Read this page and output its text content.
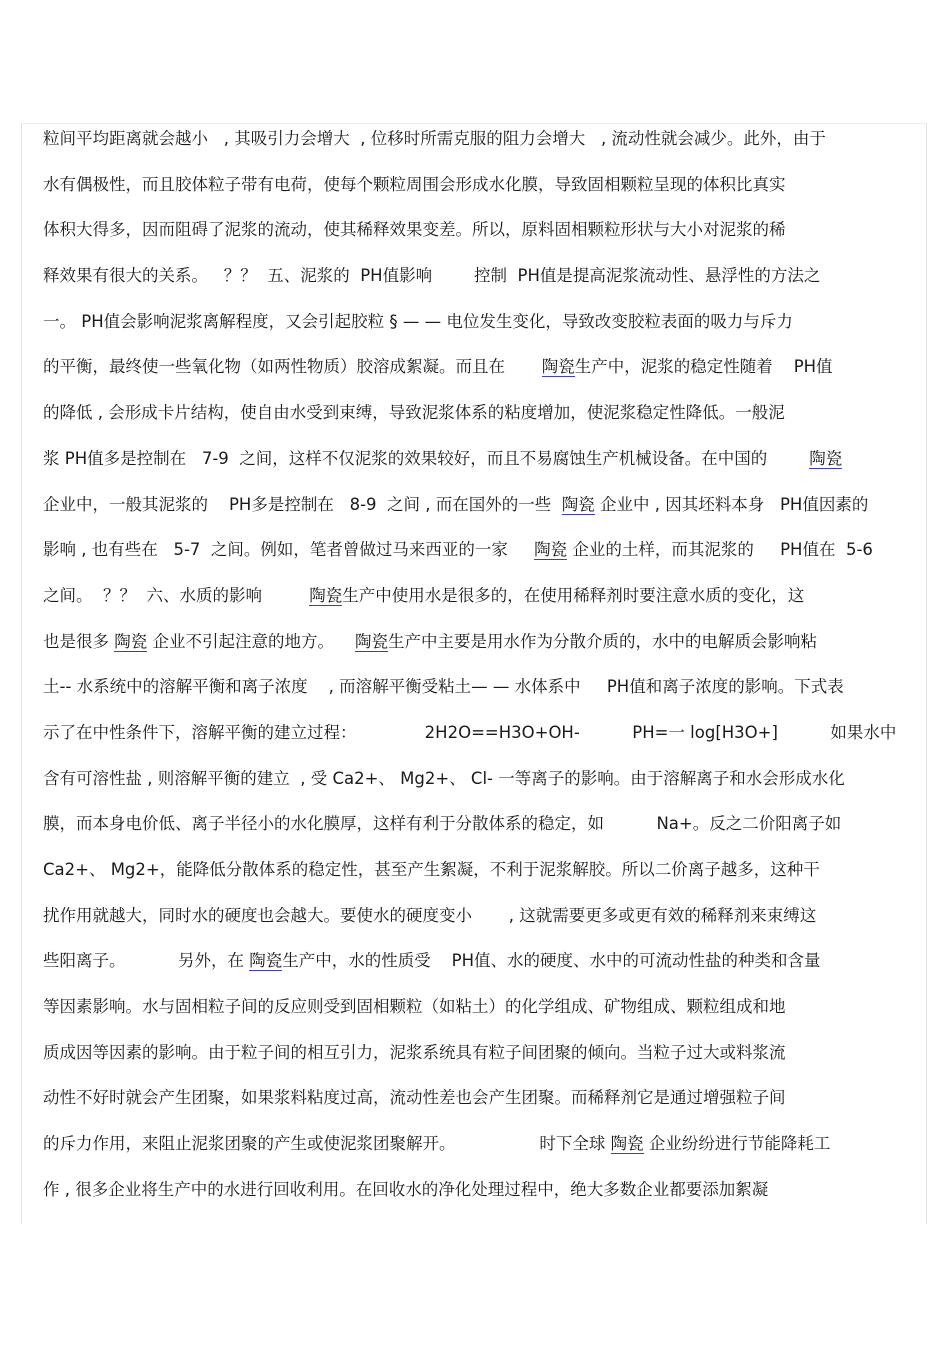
粒间平均距离就会越小   , 其吸引力会增大  , 位移时所需克服的阻力会增大   , 流动性就会减少。此外，由于
水有偶极性，而且胶体粒子带有电荷，使每个颗粒周围会形成水化膜，导致固相颗粒呈现的体积比真实
体积大得多，因而阻碍了泥浆的流动，使其稀释效果变差。所以，原料固相颗粒形状与大小对泥浆的稀
释效果有很大的关系。   ？？  五、泥浆的  PH值影响        控制  PH值是提高泥浆流动性、悬浮性的方法之
一。 PH值会影响泥浆离解程度，又会引起胶粒 § — — 电位发生变化，导致改变胶粒表面的吸力与斥力
的平衡，最终使一些氧化物（如两性物质）胶溶成絮凝。而且在       陶瓷生产中，泥浆的稳定性随着    PH值
的降低 , 会形成卡片结构，使自由水受到束缚，导致泥浆体系的粘度增加，使泥浆稳定性降低。一般泥
浆 PH值多是控制在   7-9  之间，这样不仅泥浆的效果较好，而且不易腐蚀生产机械设备。在中国的        陶瓷
企业中，一般其泥浆的    PH多是控制在   8-9  之间 , 而在国外的一些  陶瓷 企业中 , 因其坯料本身   PH值因素的
影响 , 也有些在   5-7  之间。例如，笔者曾做过马来西亚的一家     陶瓷 企业的土样，而其泥浆的     PH值在  5-6
之间。  ？？  六、水质的影响         陶瓷生产中使用水是很多的，在使用稀释剂时要注意水质的变化，这
也是很多 陶瓷 企业不引起注意的地方。    陶瓷生产中主要是用水作为分散介质的，水中的电解质会影响粘
土-- 水系统中的溶解平衡和离子浓度    , 而溶解平衡受粘土— — 水体系中     PH值和离子浓度的影响。下式表
示了在中性条件下，溶解平衡的建立过程：             2H2O==H3O+OH-          PH=一 log[H3O+]          如果水中
含有可溶性盐 , 则溶解平衡的建立  , 受 Ca2+、 Mg2+、 Cl- 一等离子的影响。由于溶解离子和水会形成水化
膜，而本身电价低、离子半径小的水化膜厚，这样有利于分散体系的稳定，如          Na+。反之二价阳离子如
Ca2+、 Mg2+，能降低分散体系的稳定性，甚至产生絮凝，不利于泥浆解胶。所以二价离子越多，这种干
扰作用就越大，同时水的硬度也会越大。要使水的硬度变小       , 这就需要更多或更有效的稀释剂来束缚这
些阳离子。          另外，在 陶瓷生产中，水的性质受    PH值、水的硬度、水中的可流动性盐的种类和含量
等因素影响。水与固相粒子间的反应则受到固相颗粒（如粘土）的化学组成、矿物组成、颗粒组成和地
质成因等因素的影响。由于粒子间的相互引力，泥浆系统具有粒子间团聚的倾向。当粒子过大或料浆流
动性不好时就会产生团聚，如果浆料粘度过高，流动性差也会产生团聚。而稀释剂它是通过增强粒子间
的斥力作用，来阻止泥浆团聚的产生或使泥浆团聚解开。                时下全球 陶瓷 企业纷纷进行节能降耗工
作 , 很多企业将生产中的水进行回收利用。在回收水的净化处理过程中，绝大多数企业都要添加絮凝
